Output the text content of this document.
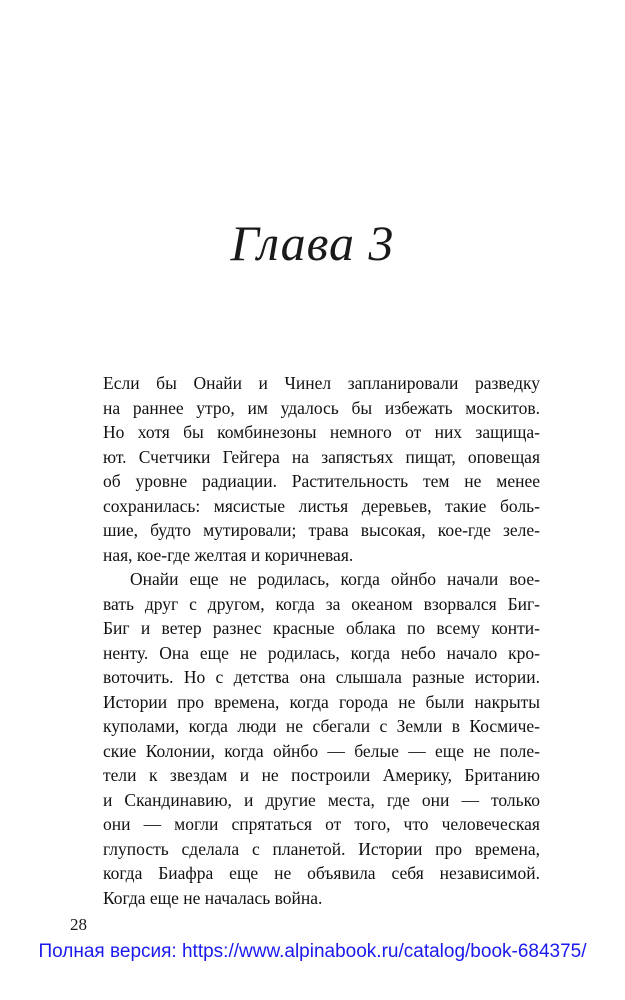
Глава 3

Если бы Онайи и Чинел запланировали разведку
на раннее утро, им удалось бы избежать москитов.
Но хотя бы комбинезоны немного от них защища-
ют. Счетчики Гейгера на запястьях пищат, оповещая
об уровне радиации. Растительность тем не менее
сохранилась: мясистые листья деревьев, такие боль-
шие, будто мутировали; трава высокая, кое-где зеле-
ная, кое-где желтая и коричневая.

Онайи еще не родилась, когда ойнбо начали вое-
вать друг с другом, когда за океаном взорвался Биг-
Биг и ветер разнес красные облака по всему конти-
ненту. Она еще не родилась, когда небо начало кро-
воточить. Но с детства она слышала разные истории.
Истории про времена, когда города не были накрыты
куполами, когда люди не сбегали с Земли в Космиче-
ские Колонии, когда ойнбо — белые — еще не поле-
тели к звездам и не построили Америку, Британию
и Скандинавию, и другие места, где они — только
они — могли спрятаться от того, что человеческая
глупость сделала с планетой. Истории про времена,
когда Биафра еще не объявила себя независимой.
Когда еще не началась война.

28
Полная версия: https://www.alpinabook.ru/catalog/book-684375/
